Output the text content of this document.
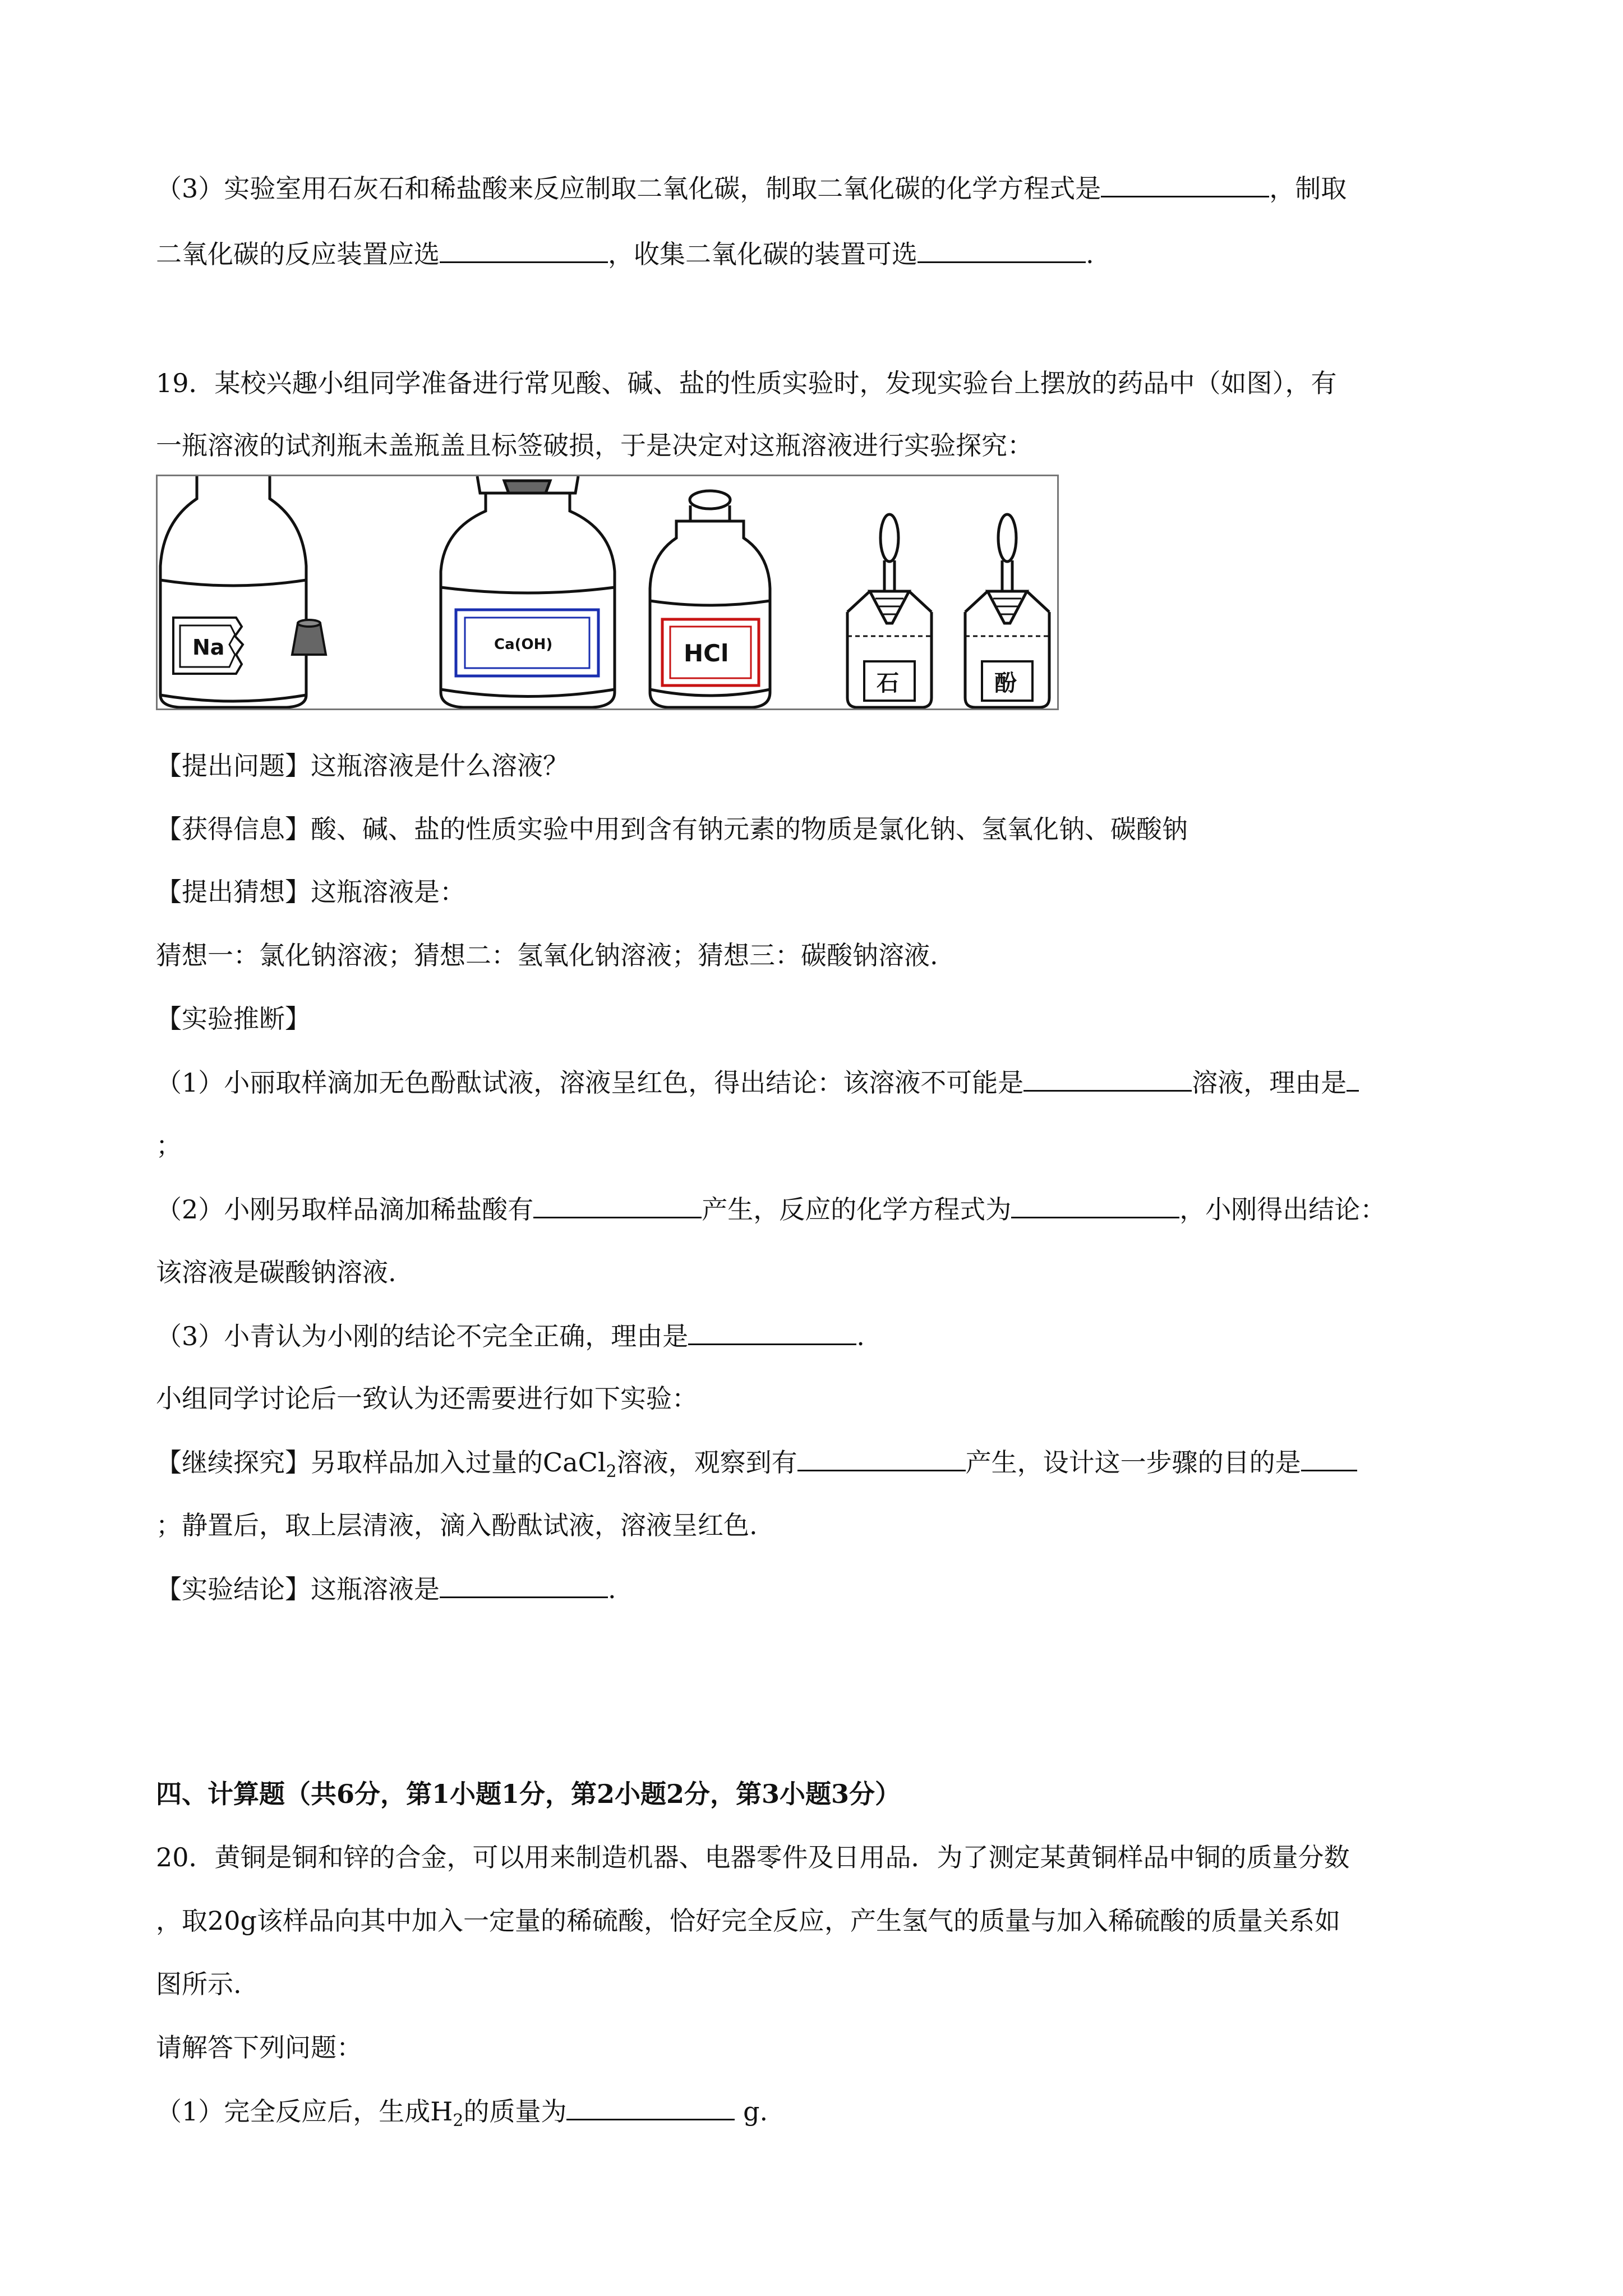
（3）实验室用石灰石和稀盐酸来反应制取二氧化碳，制取二氧化碳的化学方程式是	，制取
二氧化碳的反应装置应选	，收集二氧化碳的装置可选	.
19．某校兴趣小组同学准备进行常见酸、碱、盐的性质实验时，发现实验台上摆放的药品中（如图），有
一瓶溶液的试剂瓶未盖瓶盖且标签破损，于是决定对这瓶溶液进行实验探究：
Na	Ca(OH)	HCl
石	酚
【提出问题】这瓶溶液是什么溶液？
【获得信息】酸、碱、盐的性质实验中用到含有钠元素的物质是氯化钠、氢氧化钠、碳酸钠
【提出猜想】这瓶溶液是：
猜想一：氯化钠溶液；猜想二：氢氧化钠溶液；猜想三：碳酸钠溶液.
【实验推断】
（1）小丽取样滴加无色酚酞试液，溶液呈红色，得出结论：该溶液不可能是	溶液，理由是
；
（2）小刚另取样品滴加稀盐酸有	产生，反应的化学方程式为	，小刚得出结论：
该溶液是碳酸钠溶液.
（3）小青认为小刚的结论不完全正确，理由是	.
小组同学讨论后一致认为还需要进行如下实验：
【继续探究】另取样品加入过量的CaCl$_2$溶液，观察到有	产生，设计这一步骤的目的是
；静置后，取上层清液，滴入酚酞试液，溶液呈红色.
【实验结论】这瓶溶液是	.
四、计算题（共6分，第1小题1分，第2小题2分，第3小题3分）
20．黄铜是铜和锌的合金，可以用来制造机器、电器零件及日用品．为了测定某黄铜样品中铜的质量分数
，取20g该样品向其中加入一定量的稀硫酸，恰好完全反应，产生氢气的质量与加入稀硫酸的质量关系如
图所示.
请解答下列问题：
（1）完全反应后，生成$H_2$的质量为	g.
